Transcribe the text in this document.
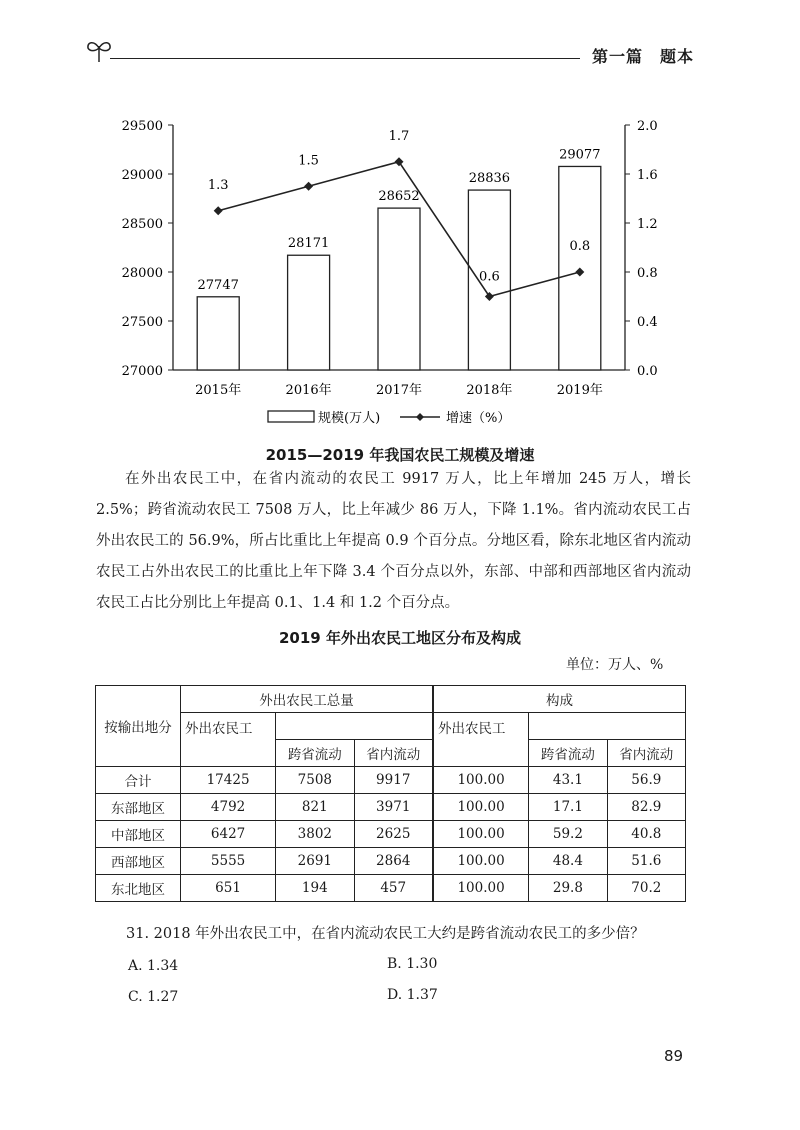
第一篇　题本
29500
29000
28500
28000
27500
27000
2.0
1.6
1.2
0.8
0.4
0.0
27747
28171
28652
28836
29077
2015年	2016年	2017年	2018年	2019年
1.3
1.5
1.7
0.6
0.8
规模(万人)	增速（%）
2015—2019 年我国农民工规模及增速

在外出农民工中，在省内流动的农民工 9917 万人，比上年增加 245 万人，增长 2.5%；跨省流动农民工 7508 万人，比上年减少 86 万人，下降 1.1%。省内流动农民工占外出农民工的 56.9%，所占比重比上年提高 0.9 个百分点。分地区看，除东北地区省内流动农民工占外出农民工的比重比上年下降 3.4 个百分点以外，东部、中部和西部地区省内流动农民工占比分别比上年提高 0.1、1.4 和 1.2 个百分点。

2019 年外出农民工地区分布及构成
单位：万人、%
按输出地分	外出农民工总量			构成		
	外出农民工			外出农民工		
		跨省流动	省内流动		跨省流动	省内流动
合计	17425	7508	9917	100.00	43.1	56.9
东部地区	4792	821	3971	100.00	17.1	82.9
中部地区	6427	3802	2625	100.00	59.2	40.8
西部地区	5555	2691	2864	100.00	48.4	51.6
东北地区	651	194	457	100.00	29.8	70.2
31. 2018 年外出农民工中，在省内流动农民工大约是跨省流动农民工的多少倍？
A. 1.34	B. 1.30
C. 1.27	D. 1.37
89
